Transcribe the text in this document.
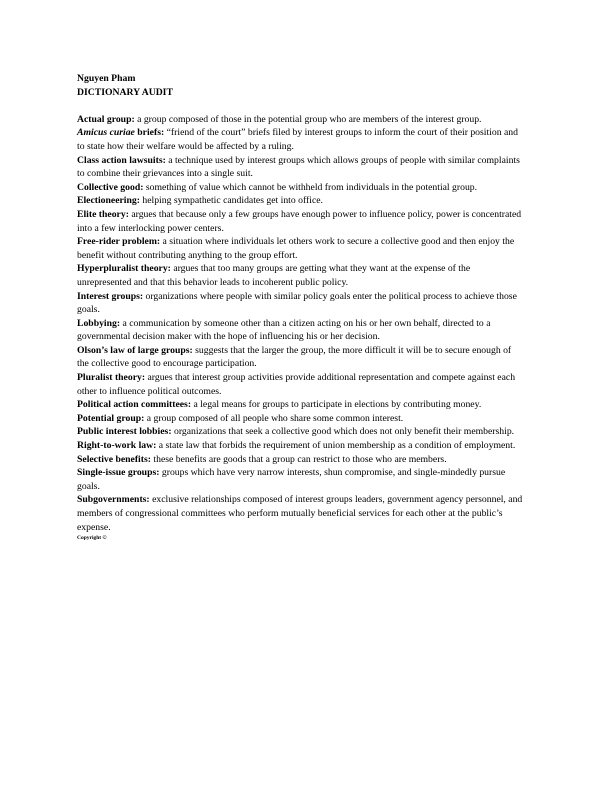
Nguyen Pham

DICTIONARY AUDIT

Actual group: a group composed of those in the potential group who are members of the interest group.

Amicus curiae briefs: “friend of the court” briefs filed by interest groups to inform the court of their position and to state how their welfare would be affected by a ruling.

Class action lawsuits: a technique used by interest groups which allows groups of people with similar complaints to combine their grievances into a single suit.

Collective good: something of value which cannot be withheld from individuals in the potential group.

Electioneering: helping sympathetic candidates get into office.

Elite theory: argues that because only a few groups have enough power to influence policy, power is concentrated into a few interlocking power centers.

Free-rider problem: a situation where individuals let others work to secure a collective good and then enjoy the benefit without contributing anything to the group effort.

Hyperpluralist theory: argues that too many groups are getting what they want at the expense of the unrepresented and that this behavior leads to incoherent public policy.

Interest groups: organizations where people with similar policy goals enter the political process to achieve those goals.

Lobbying: a communication by someone other than a citizen acting on his or her own behalf, directed to a governmental decision maker with the hope of influencing his or her decision.

Olson’s law of large groups: suggests that the larger the group, the more difficult it will be to secure enough of the collective good to encourage participation.

Pluralist theory: argues that interest group activities provide additional representation and compete against each other to influence political outcomes.

Political action committees: a legal means for groups to participate in elections by contributing money.

Potential group: a group composed of all people who share some common interest.

Public interest lobbies: organizations that seek a collective good which does not only benefit their membership.

Right-to-work law: a state law that forbids the requirement of union membership as a condition of employment.

Selective benefits: these benefits are goods that a group can restrict to those who are members.

Single-issue groups: groups which have very narrow interests, shun compromise, and single-mindedly pursue goals.

Subgovernments: exclusive relationships composed of interest groups leaders, government agency personnel, and members of congressional committees who perform mutually beneficial services for each other at the public’s expense.

Copyright ©
